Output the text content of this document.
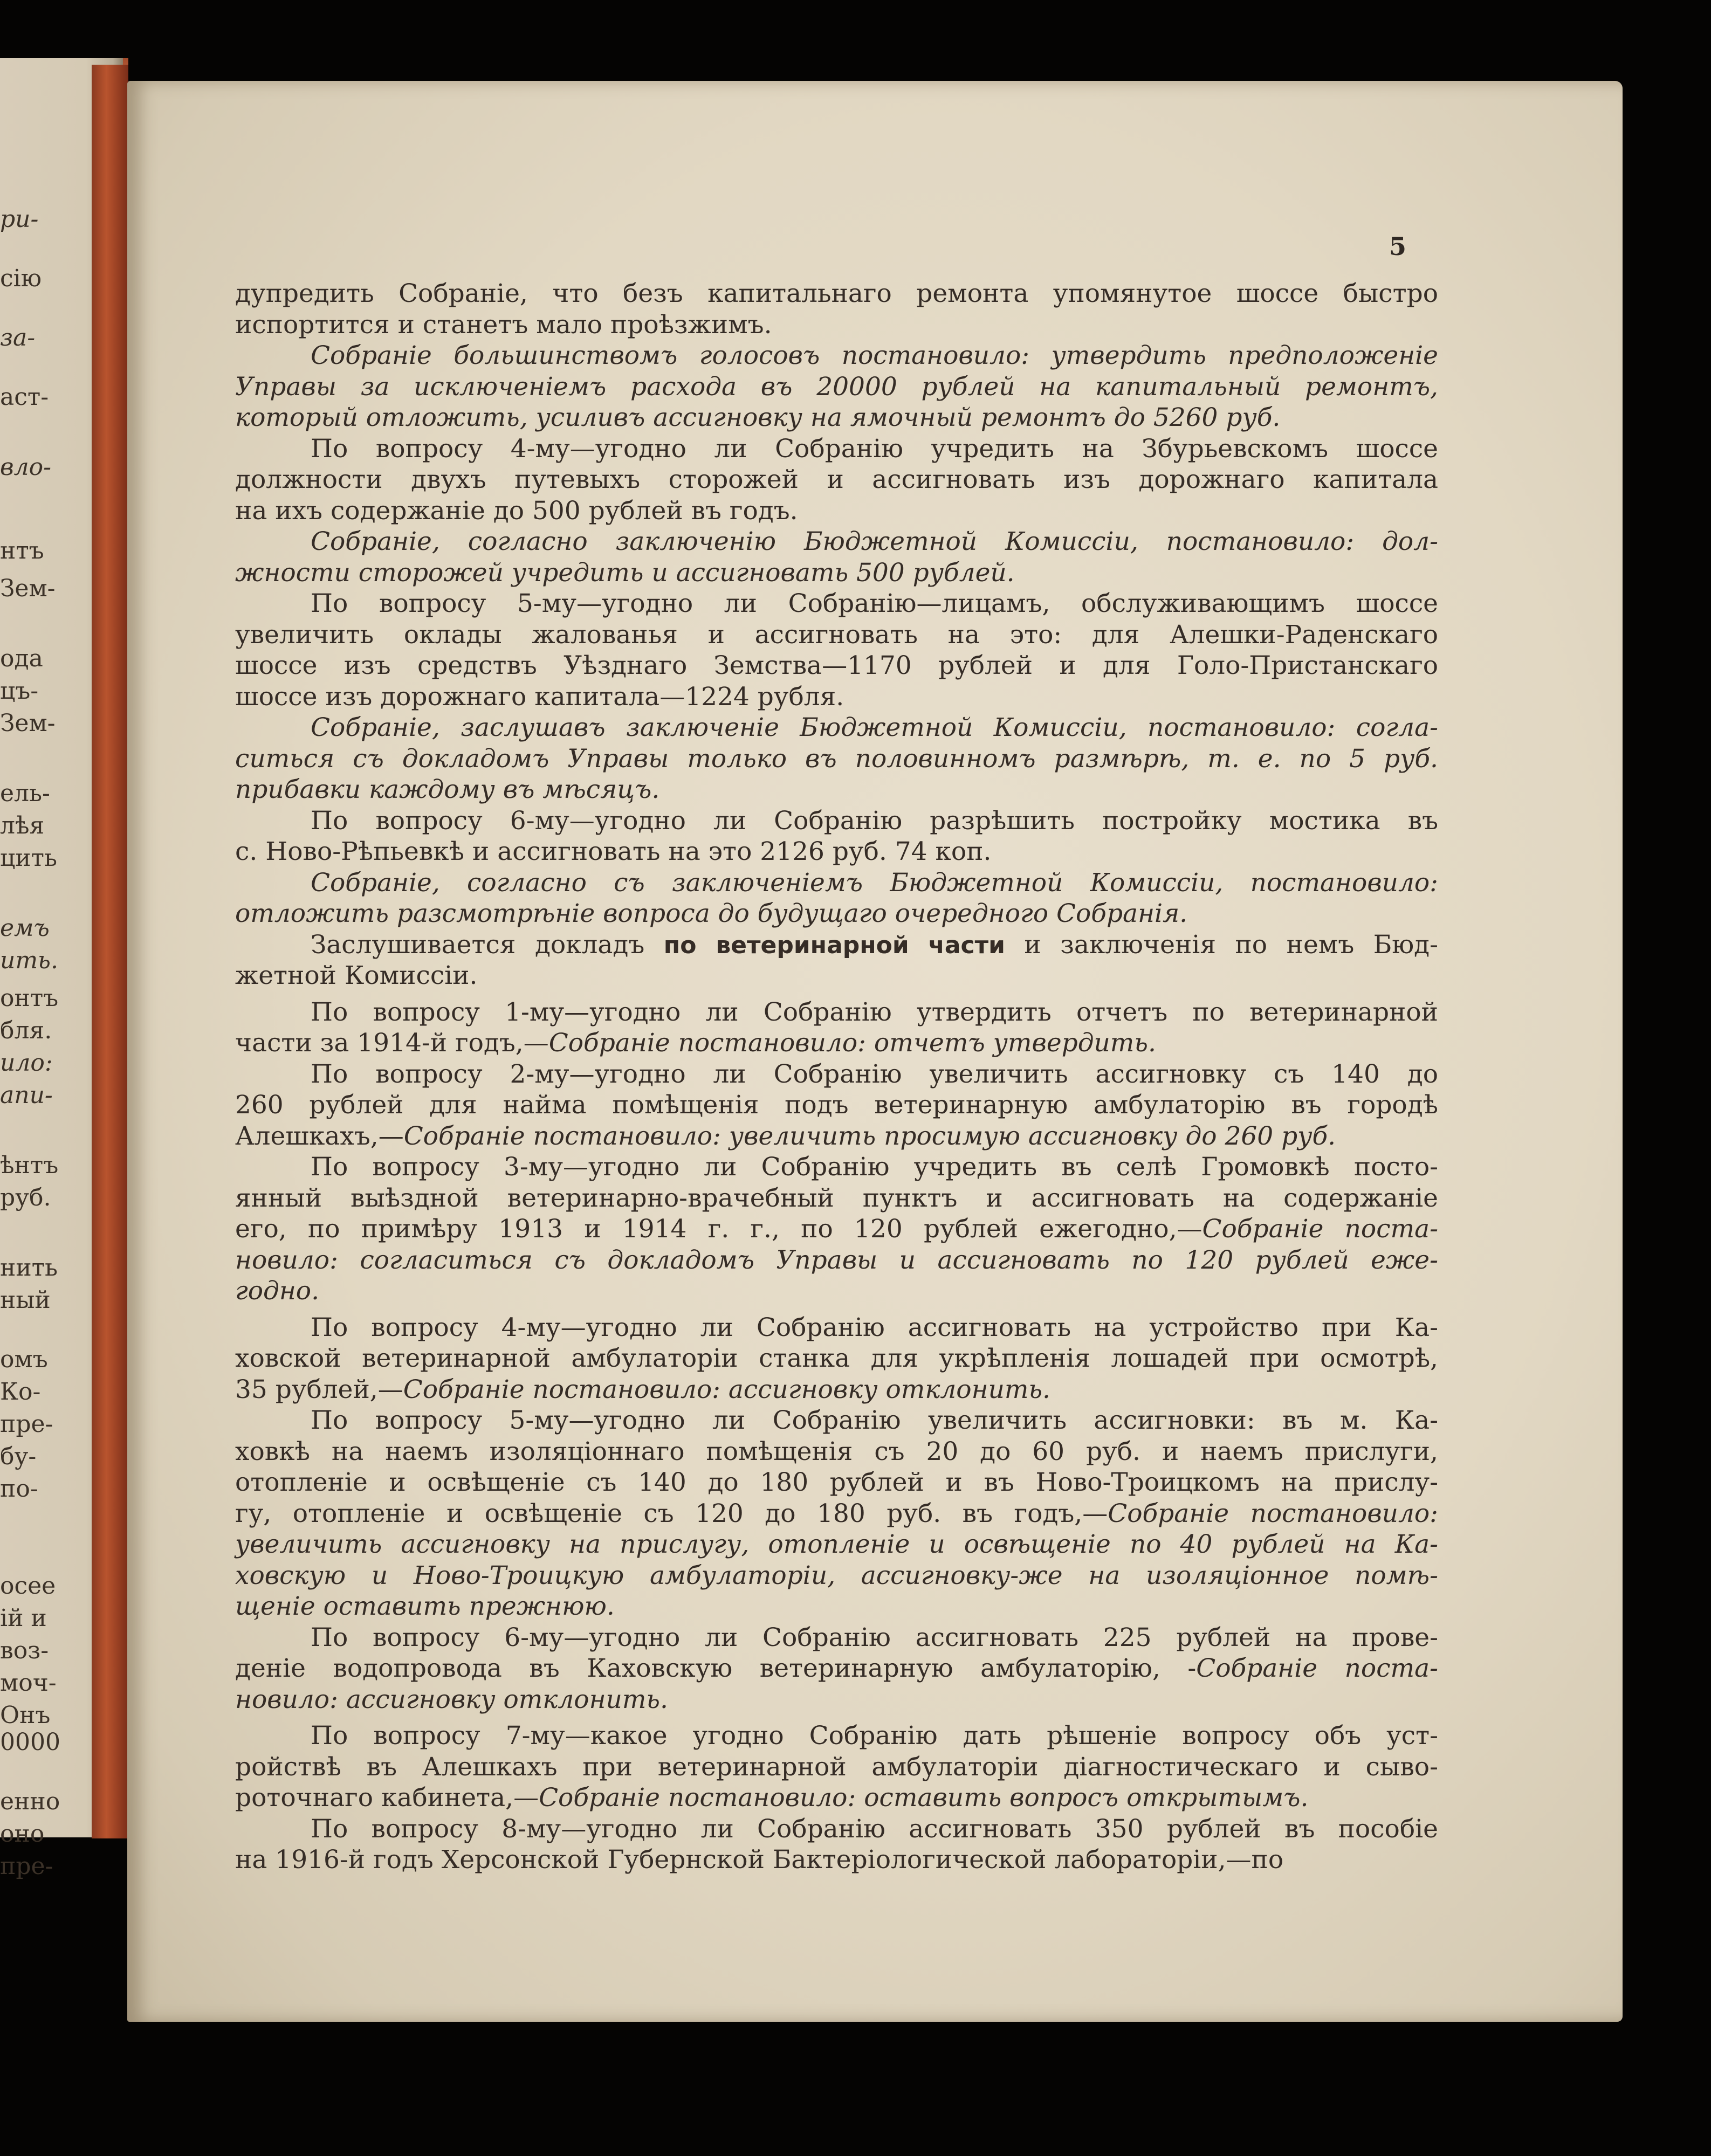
ри-
сію
за-
аст-
вло-
нтъ
Зем-
ода
цъ-
Зем-
ель-
лѣя
цить
емъ
ить.
онтъ
бля.
ило:
апи-
ѣнтъ
руб.
нить
ный
омъ
Ко-
пре-
бу-
по-
осее
ій и
воз-
моч-
Онъ
0000
енно
оно
пре-
5
дупредить Собраніе, что безъ капитальнаго ремонта упомянутое шоссе быстро
испортится и станетъ мало проѣзжимъ.
Собраніе большинствомъ голосовъ постановило: утвердить предположеніе
Управы за исключеніемъ расхода въ 20000 рублей на капитальный ремонтъ,
который отложить, усиливъ ассигновку на ямочный ремонтъ до 5260 руб.
По вопросу 4-му—угодно ли Собранію учредить на Збурьевскомъ шоссе
должности двухъ путевыхъ сторожей и ассигновать изъ дорожнаго капитала
на ихъ содержаніе до 500 рублей въ годъ.
Собраніе, согласно заключенію Бюджетной Комиссіи, постановило: дол-
жности сторожей учредить и ассигновать 500 рублей.
По вопросу 5-му—угодно ли Собранію—лицамъ, обслуживающимъ шоссе
увеличить оклады жалованья и ассигновать на это: для Алешки-Раденскаго
шоссе изъ средствъ Уѣзднаго Земства—1170 рублей и для Голо-Пристанскаго
шоссе изъ дорожнаго капитала—1224 рубля.
Собраніе, заслушавъ заключеніе Бюджетной Комиссіи, постановило: согла-
ситься съ докладомъ Управы только въ половинномъ размѣрѣ, т. е. по 5 руб.
прибавки каждому въ мѣсяцъ.
По вопросу 6-му—угодно ли Собранію разрѣшить постройку мостика въ
с. Ново-Рѣпьевкѣ и ассигновать на это 2126 руб. 74 коп.
Собраніе, согласно съ заключеніемъ Бюджетной Комиссіи, постановило:
отложить разсмотрѣніе вопроса до будущаго очередного Собранія.
Заслушивается докладъ по ветеринарной части и заключенія по немъ Бюд-
жетной Комиссіи.
По вопросу 1-му—угодно ли Собранію утвердить отчетъ по ветеринарной
части за 1914-й годъ,—Собраніе постановило: отчетъ утвердить.
По вопросу 2-му—угодно ли Собранію увеличить ассигновку съ 140 до
260 рублей для найма помѣщенія подъ ветеринарную амбулаторію въ городѣ
Алешкахъ,—Собраніе постановило: увеличить просимую ассигновку до 260 руб.
По вопросу 3-му—угодно ли Собранію учредить въ селѣ Громовкѣ посто-
янный выѣздной ветеринарно-врачебный пунктъ и ассигновать на содержаніе
его, по примѣру 1913 и 1914 г. г., по 120 рублей ежегодно,—Собраніе поста-
новило: согласиться съ докладомъ Управы и ассигновать по 120 рублей еже-
годно.
По вопросу 4-му—угодно ли Собранію ассигновать на устройство при Ка-
ховской ветеринарной амбулаторіи станка для укрѣпленія лошадей при осмотрѣ,
35 рублей,—Собраніе постановило: ассигновку отклонить.
По вопросу 5-му—угодно ли Собранію увеличить ассигновки: въ м. Ка-
ховкѣ на наемъ изоляціоннаго помѣщенія съ 20 до 60 руб. и наемъ прислуги,
отопленіе и освѣщеніе съ 140 до 180 рублей и въ Ново-Троицкомъ на прислу-
гу, отопленіе и освѣщеніе съ 120 до 180 руб. въ годъ,—Собраніе постановило:
увеличить ассигновку на прислугу, отопленіе и освѣщеніе по 40 рублей на Ка-
ховскую и Ново-Троицкую амбулаторіи, ассигновку-же на изоляціонное помѣ-
щеніе оставить прежнюю.
По вопросу 6-му—угодно ли Собранію ассигновать 225 рублей на прове-
деніе водопровода въ Каховскую ветеринарную амбулаторію, -Собраніе поста-
новило: ассигновку отклонить.
По вопросу 7-му—какое угодно Собранію дать рѣшеніе вопросу объ уст-
ройствѣ въ Алешкахъ при ветеринарной амбулаторіи діагностическаго и сыво-
роточнаго кабинета,—Собраніе постановило: оставить вопросъ открытымъ.
По вопросу 8-му—угодно ли Собранію ассигновать 350 рублей въ пособіе
на 1916-й годъ Херсонской Губернской Бактеріологической лабораторіи,—по
